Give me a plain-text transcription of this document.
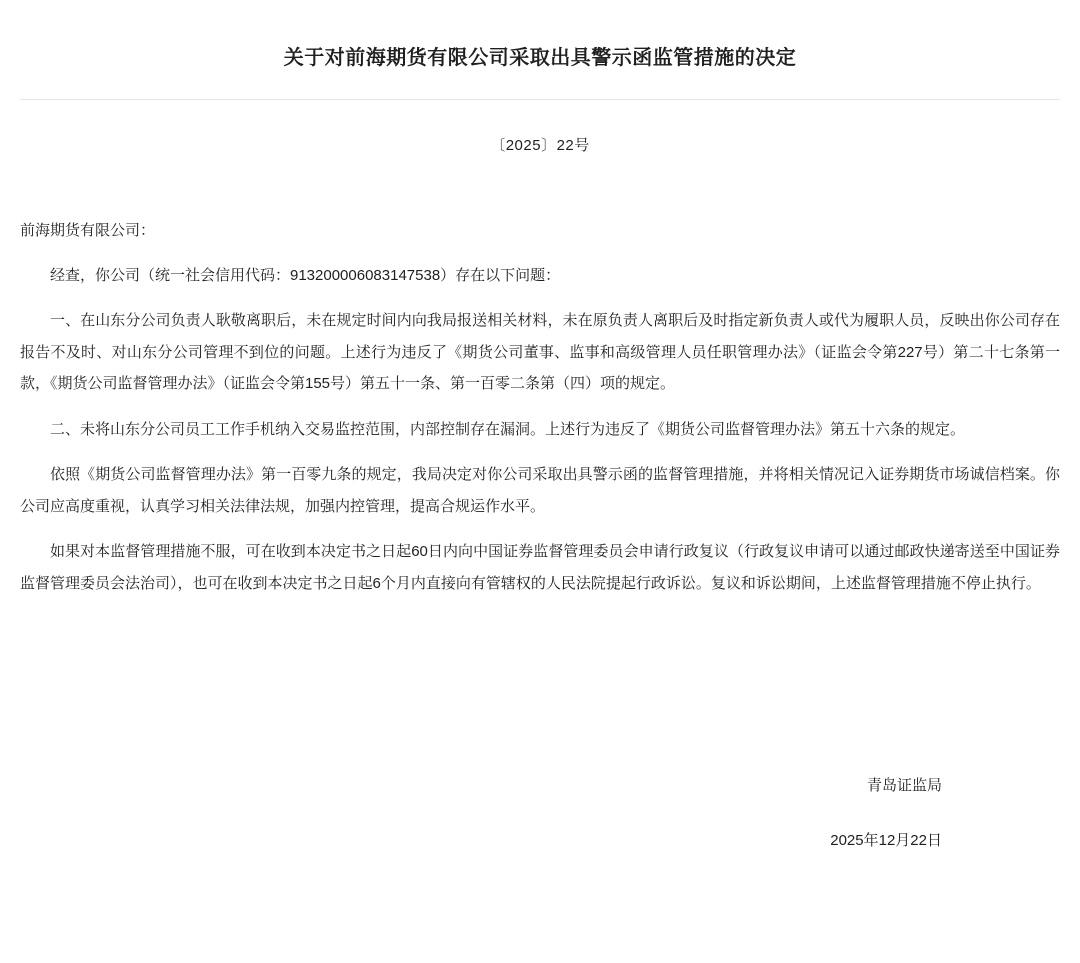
关于对前海期货有限公司采取出具警示函监管措施的决定
〔2025〕22号
前海期货有限公司：

经查，你公司（统一社会信用代码：913200006083147538）存在以下问题：

一、在山东分公司负责人耿敬离职后，未在规定时间内向我局报送相关材料，未在原负责人离职后及时指定新负责人或代为履职人员，反映出你公司存在报告不及时、对山东分公司管理不到位的问题。上述行为违反了《期货公司董事、监事和高级管理人员任职管理办法》（证监会令第227号）第二十七条第一款，《期货公司监督管理办法》（证监会令第155号）第五十一条、第一百零二条第（四）项的规定。

二、未将山东分公司员工工作手机纳入交易监控范围，内部控制存在漏洞。上述行为违反了《期货公司监督管理办法》第五十六条的规定。

依照《期货公司监督管理办法》第一百零九条的规定，我局决定对你公司采取出具警示函的监督管理措施，并将相关情况记入证券期货市场诚信档案。你公司应高度重视，认真学习相关法律法规，加强内控管理，提高合规运作水平。

如果对本监督管理措施不服，可在收到本决定书之日起60日内向中国证券监督管理委员会申请行政复议（行政复议申请可以通过邮政快递寄送至中国证券监督管理委员会法治司），也可在收到本决定书之日起6个月内直接向有管辖权的人民法院提起行政诉讼。复议和诉讼期间，上述监督管理措施不停止执行。

青岛证监局
2025年12月22日
